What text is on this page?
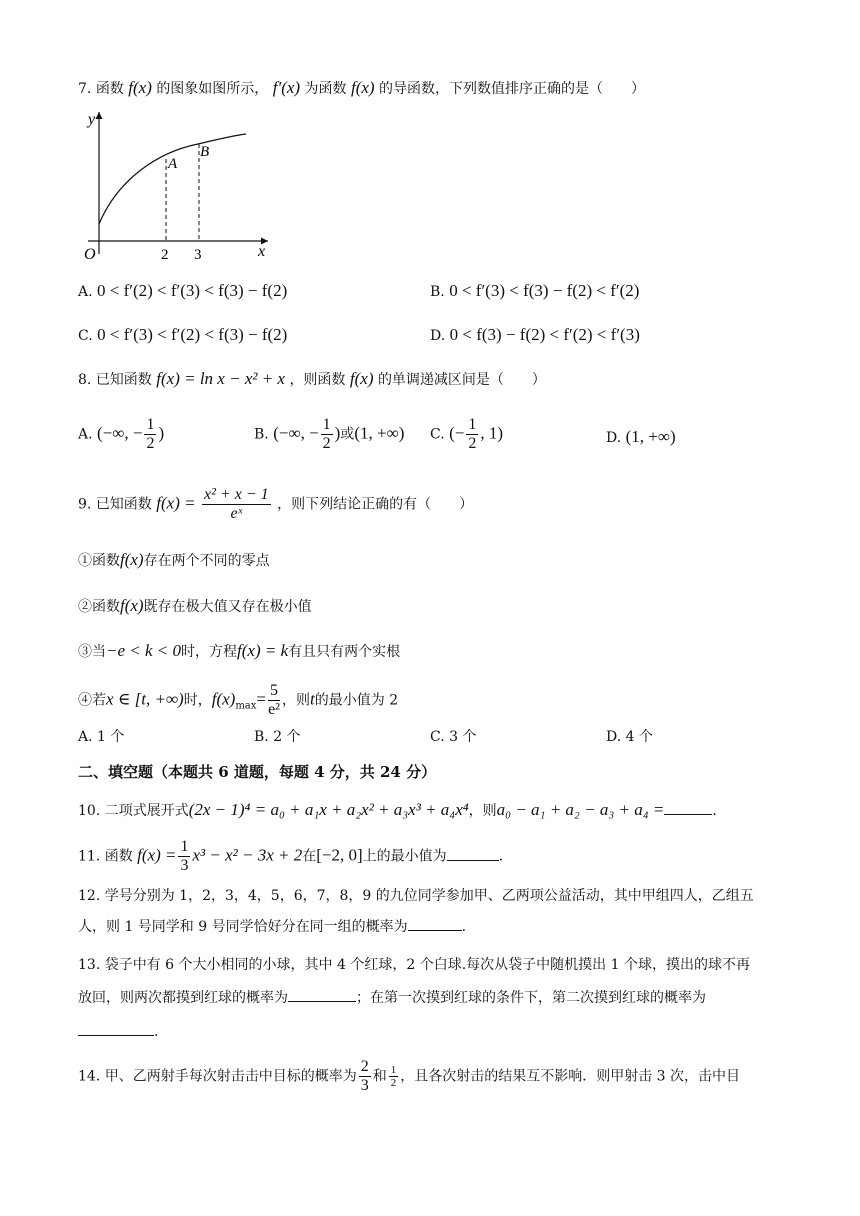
7. 函数 f(x) 的图象如图所示， f′(x) 为函数 f(x) 的导函数，下列数值排序正确的是（　　）
y
x
O
A
B
2 3
A. 0 < f′(2) < f′(3) < f(3) − f(2)	B. 0 < f′(3) < f(3) − f(2) < f′(2)
C. 0 < f′(3) < f′(2) < f(3) − f(2)	D. 0 < f(3) − f(2) < f′(2) < f′(3)
8. 已知函数 f(x) = ln x − x² + x ，则函数 f(x) 的单调递减区间是（　　）
A. (−∞, − $\frac{1}{2}$ )	B. (−∞, − $\frac{1}{2}$ )或(1, +∞) C. (− $\frac{1}{2}$ , 1)	D. (1, +∞)
9. 已知函数 $f(x) = \frac{\text{x² + x − 1}}{\text{eˣ}}$ ，则下列结论正确的有（　　）
①函数f(x)存在两个不同的零点
②函数f(x)既存在极大值又存在极小值
③当−e < k < 0时，方程f(x) = k有且只有两个实根
④若x ∈ [t, +∞)时，$f(x)_{max}= \frac{5}{\text{e²}}$ ，则t的最小值为 2
A. 1 个	B. 2 个	C. 3 个	D. 4 个
二、填空题（本题共 6 道题，每题 4 分，共 24 分）
10. 二项式展开式(2x − 1)⁴ = a₀ + a₁x + a₂x² + a₃x³ + a₄x⁴，则a₀ − a₁ + a₂ − a₃ + a₄ =	.
11. 函数 $f(x) = \frac{1}{3} x^3 - x^2 - 3x + 2$在[−2, 0]上的最小值为	.
12. 学号分别为 1，2，3，4，5，6，7，8，9 的九位同学参加甲、乙两项公益活动，其中甲组四人，乙组五
人，则 1 号同学和 9 号同学恰好分在同一组的概率为	.
13. 袋子中有 6 个大小相同的小球，其中 4 个红球，2 个白球.每次从袋子中随机摸出 1 个球，摸出的球不再
放回，则两次都摸到红球的概率为	；在第一次摸到红球的条件下，第二次摸到红球的概率为
.
14. 甲、乙两射手每次射击击中目标的概率为 $\frac{2}{3}$ 和 $\frac{1}{2}$ ，且各次射击的结果互不影响．则甲射击 3 次，击中目
